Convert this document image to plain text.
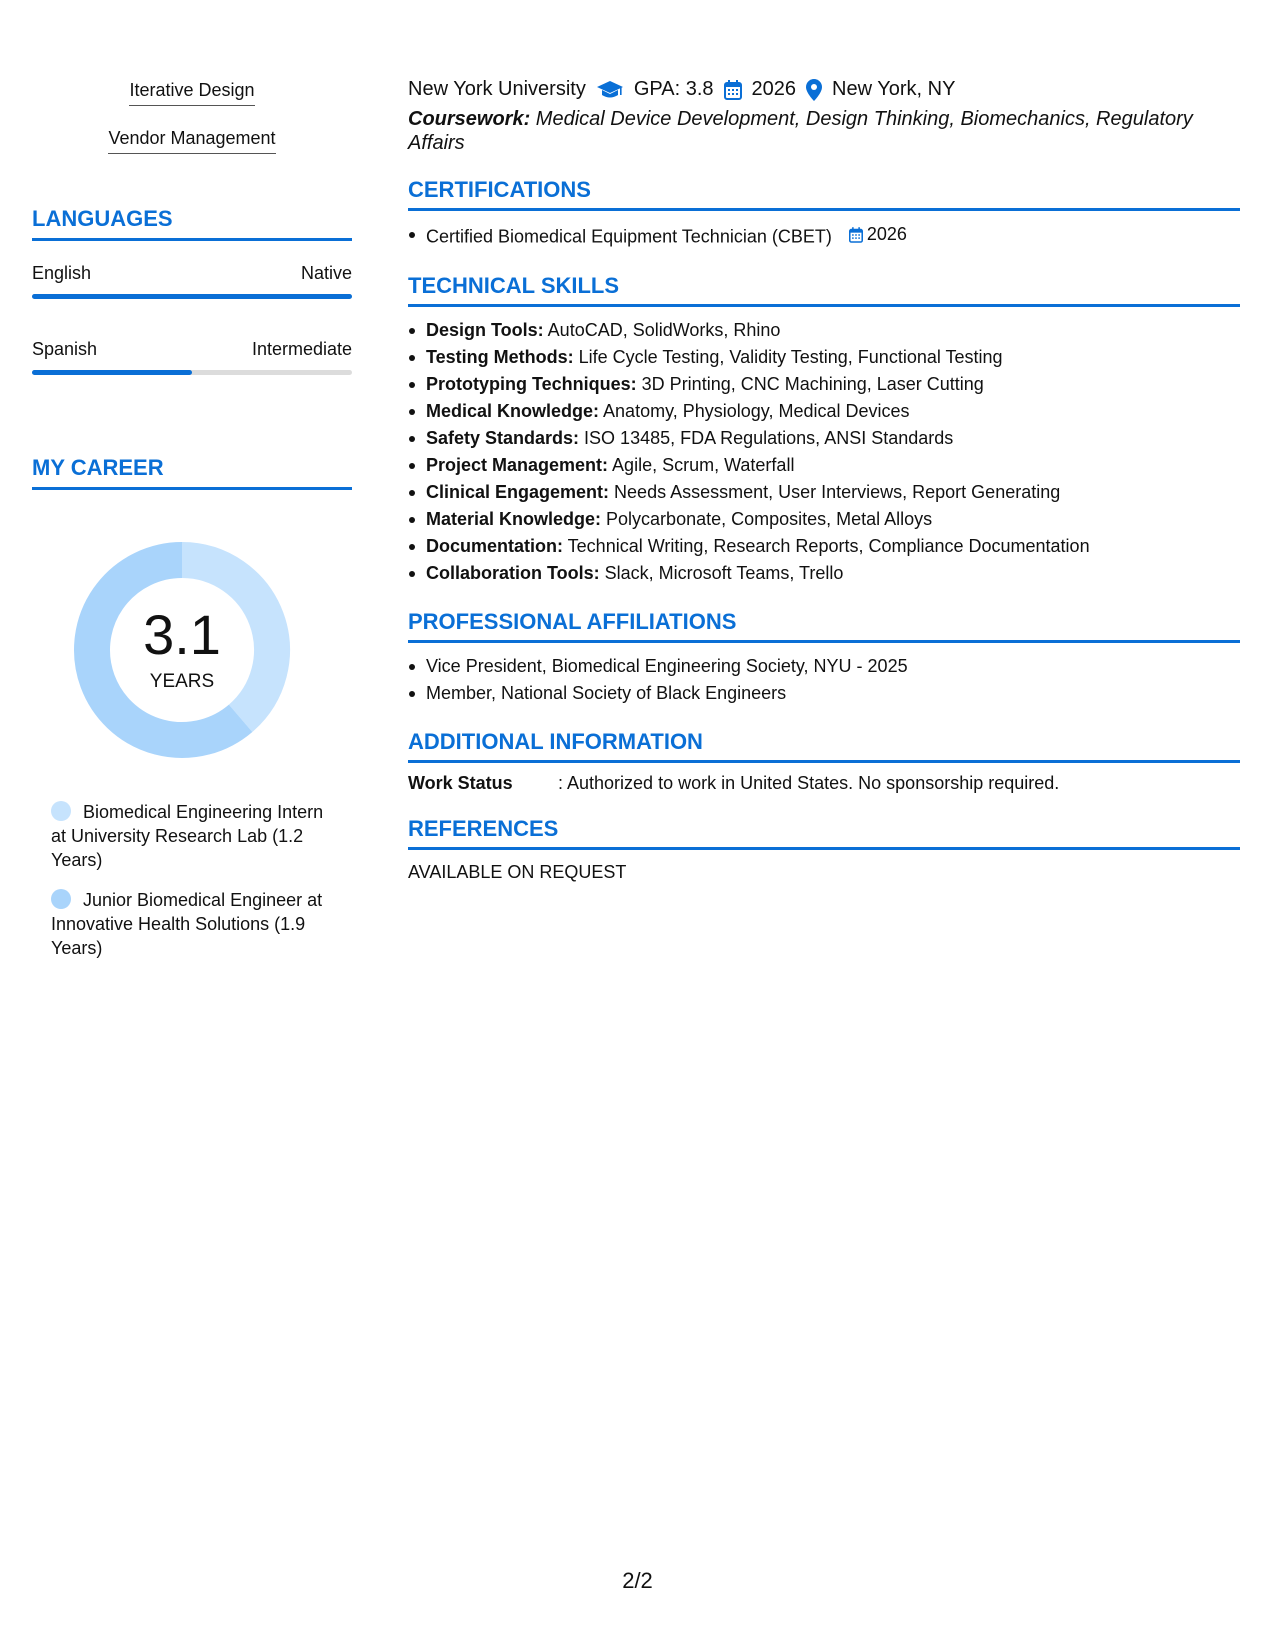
Iterative Design
Vendor Management
LANGUAGES
English	Native
Spanish	Intermediate
MY CAREER
3.1
YEARS
Biomedical Engineering Intern at University Research Lab (1.2 Years)
Junior Biomedical Engineer at Innovative Health Solutions (1.9 Years)
New York University GPA: 3.8 2026 New York, NY
Coursework: Medical Device Development, Design Thinking, Biomechanics, Regulatory Affairs
CERTIFICATIONS
Certified Biomedical Equipment Technician (CBET) 2026
TECHNICAL SKILLS
Design Tools: AutoCAD, SolidWorks, Rhino
Testing Methods: Life Cycle Testing, Validity Testing, Functional Testing
Prototyping Techniques: 3D Printing, CNC Machining, Laser Cutting
Medical Knowledge: Anatomy, Physiology, Medical Devices
Safety Standards: ISO 13485, FDA Regulations, ANSI Standards
Project Management: Agile, Scrum, Waterfall
Clinical Engagement: Needs Assessment, User Interviews, Report Generating
Material Knowledge: Polycarbonate, Composites, Metal Alloys
Documentation: Technical Writing, Research Reports, Compliance Documentation
Collaboration Tools: Slack, Microsoft Teams, Trello
PROFESSIONAL AFFILIATIONS
Vice President, Biomedical Engineering Society, NYU - 2025
Member, National Society of Black Engineers
ADDITIONAL INFORMATION
Work Status	: Authorized to work in United States. No sponsorship required.
REFERENCES
AVAILABLE ON REQUEST
2/2
